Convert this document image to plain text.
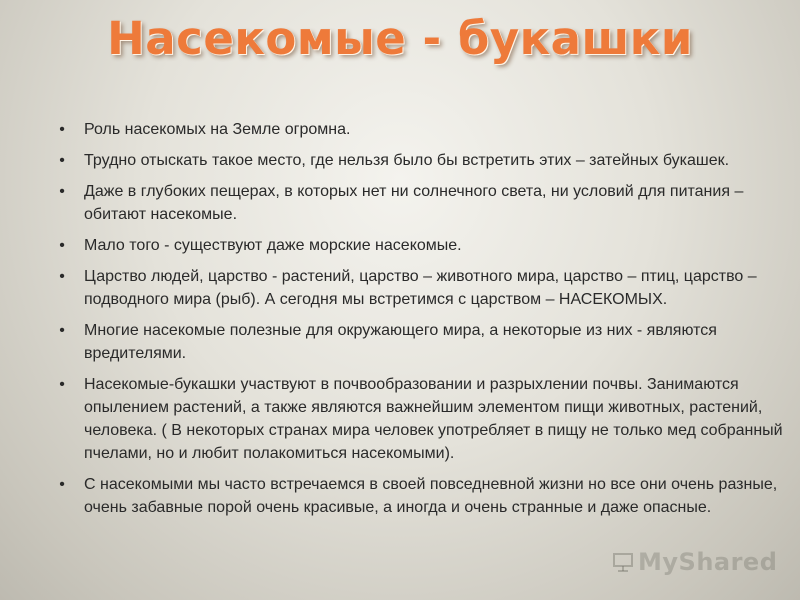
Насекомые - букашки
• Роль насекомых на Земле огромна.
• Трудно отыскать такое место, где нельзя было бы встретить этих – затейных букашек.
• Даже в глубоких пещерах, в которых нет ни солнечного света, ни условий для питания – обитают насекомые.
• Мало того - существуют даже морские насекомые.
• Царство людей, царство - растений, царство – животного мира, царство – птиц, царство –подводного мира (рыб). А сегодня мы встретимся с царством – НАСЕКОМЫХ.
• Многие насекомые полезные для окружающего мира, а некоторые из них - являются вредителями.
• Насекомые-букашки участвуют в почвообразовании и разрыхлении почвы. Занимаются опылением растений, а также являются важнейшим элементом пищи животных, растений, человека. ( В некоторых странах мира человек употребляет в пищу не только мед собранный пчелами, но и любит полакомиться насекомыми).
• С насекомыми мы часто встречаемся в своей повседневной жизни но все они очень разные, очень забавные порой очень красивые, а иногда и очень странные и даже опасные.
MyShared
